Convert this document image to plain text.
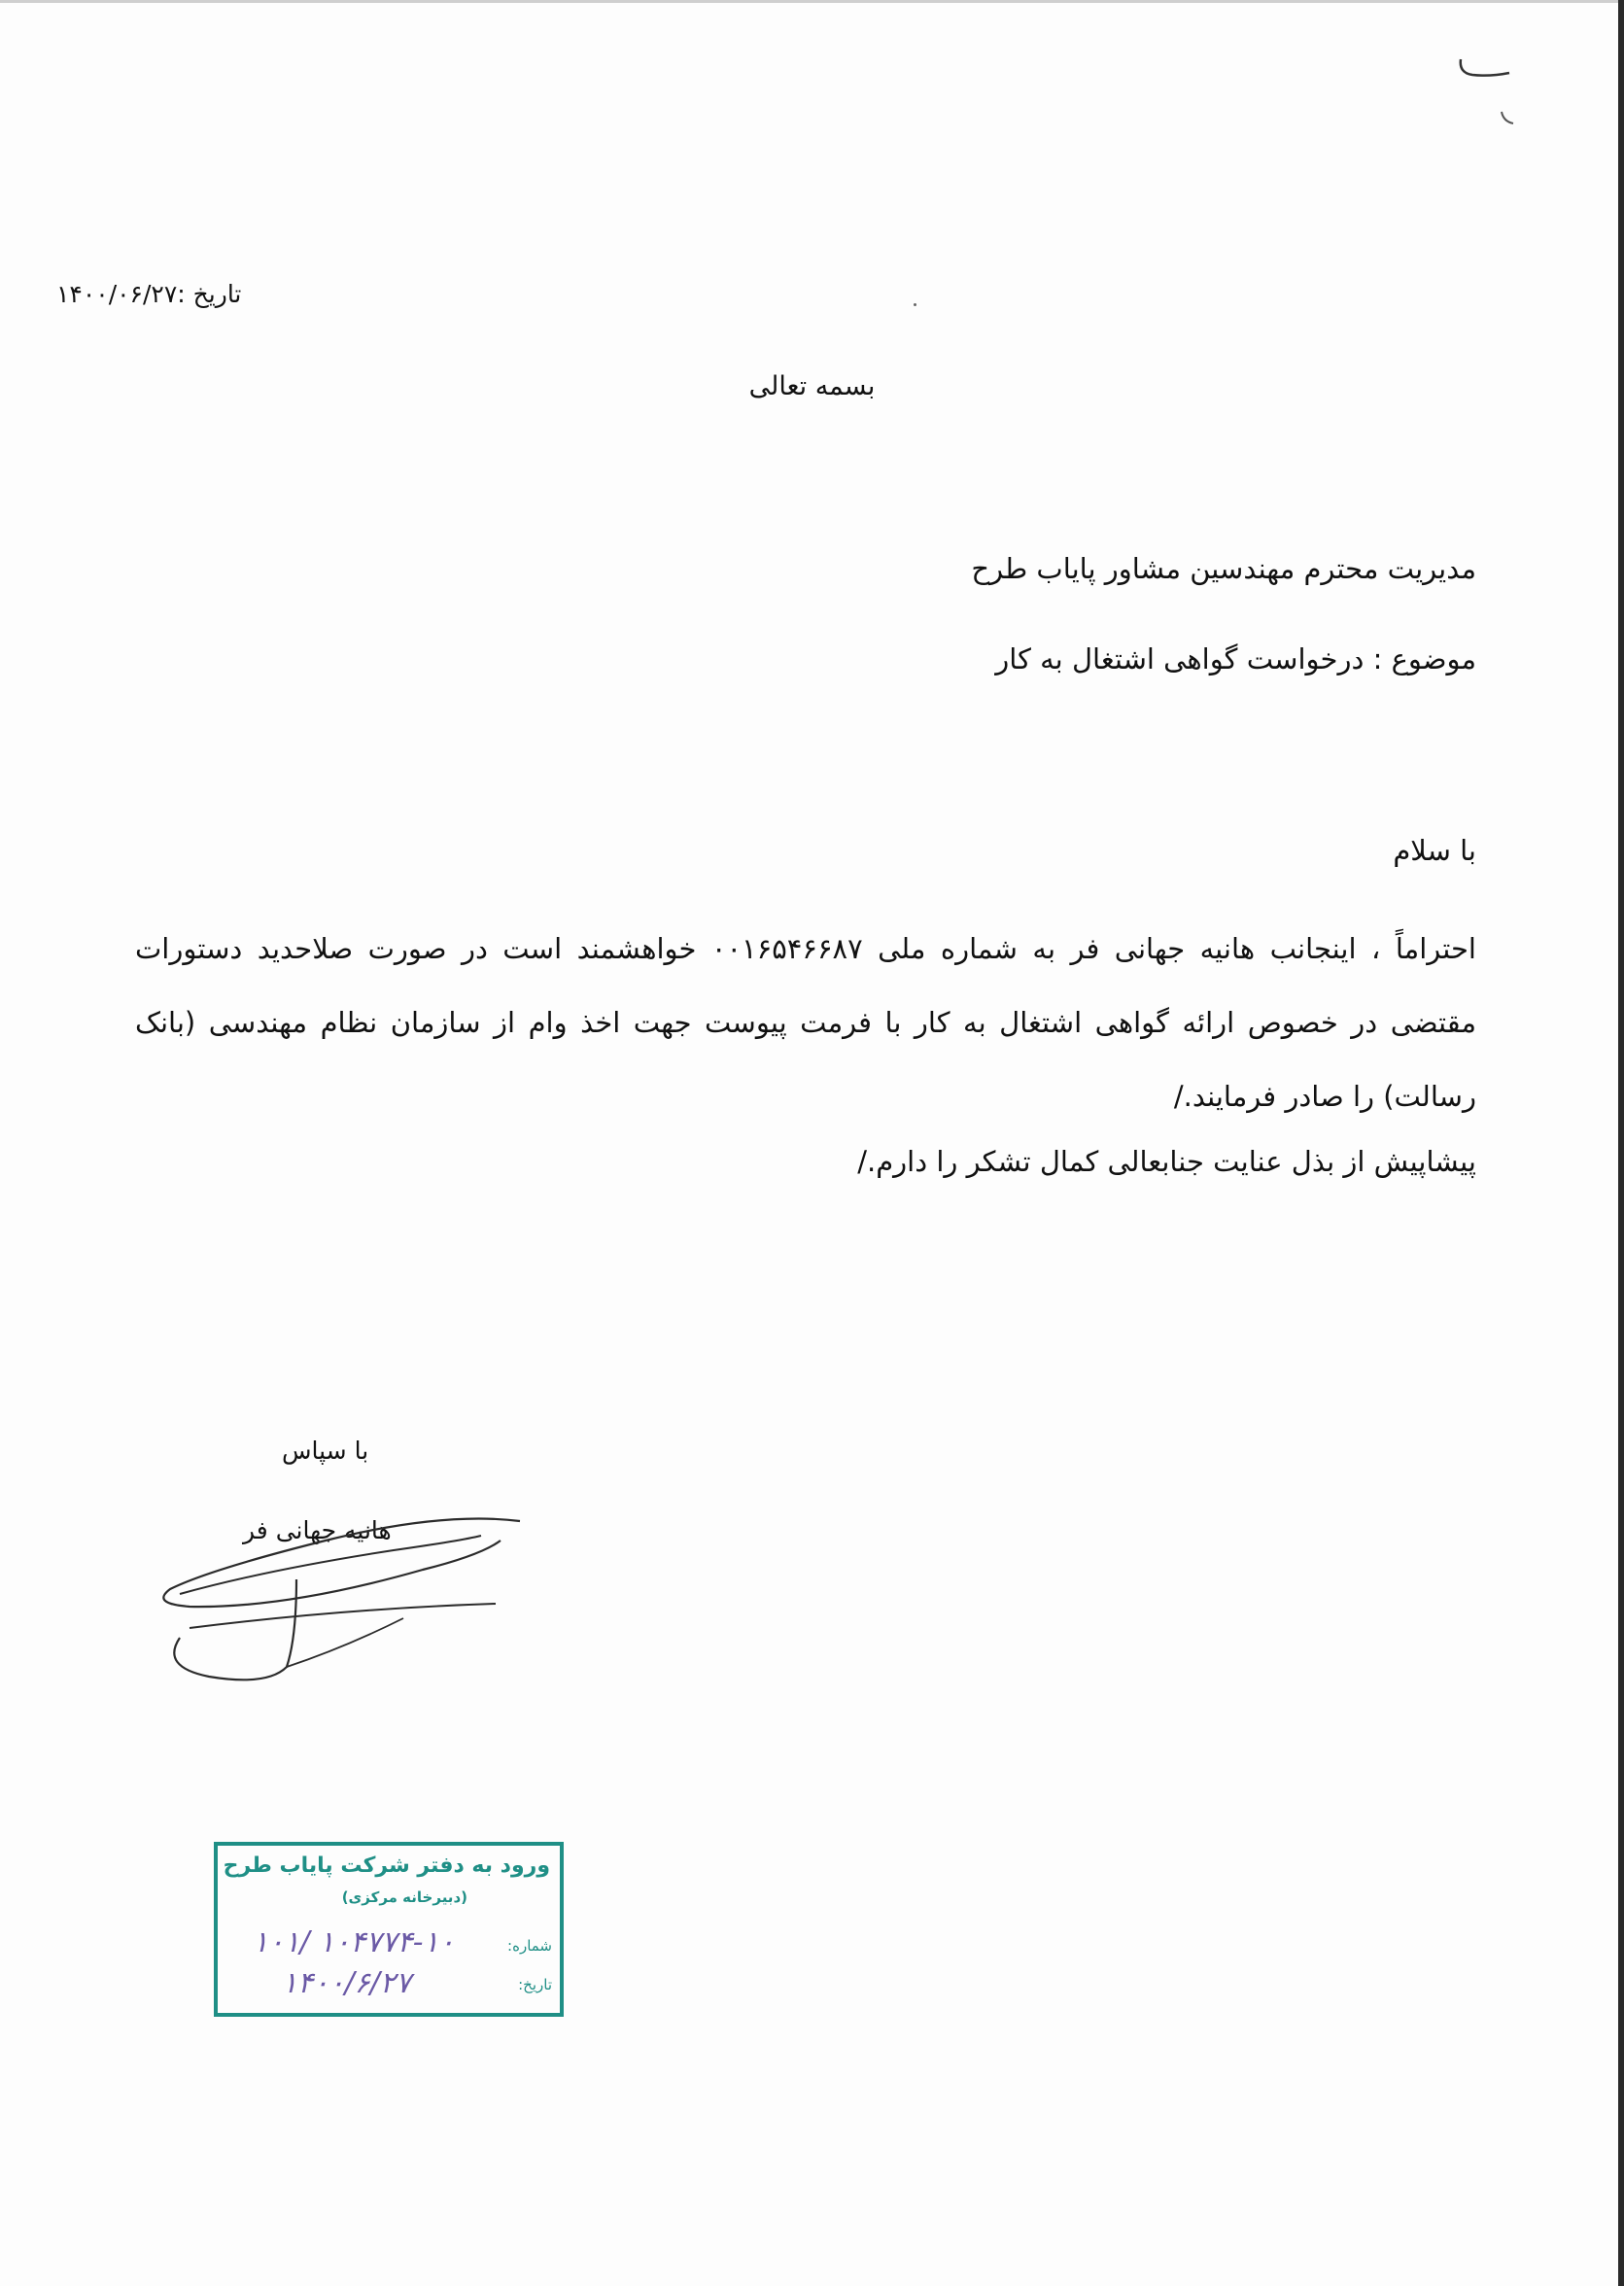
تاریخ :۱۴۰۰/۰۶/۲۷
بسمه تعالی
مدیریت محترم مهندسین مشاور پایاب طرح
موضوع : درخواست گواهی اشتغال به کار
با سلام
احتراماً ، اینجانب هانیه جهانی فر به شماره ملی ۰۰۱۶۵۴۶۶۸۷ خواهشمند است در صورت صلاحدید دستورات مقتضی در خصوص ارائه گواهی اشتغال به کار با فرمت پیوست جهت اخذ وام از سازمان نظام مهندسی (بانک رسالت) را صادر فرمایند./
پیشاپیش از بذل عنایت جنابعالی کمال تشکر را دارم./
با سپاس
هانیه جهانی فر
ورود به دفتر شرکت پایاب طرح
(دبیرخانه مرکزی)
شماره:
تاریخ:
۱۰۱/ ۱۰۴۷۷۴-۱۰
۱۴۰۰/۶/۲۷
